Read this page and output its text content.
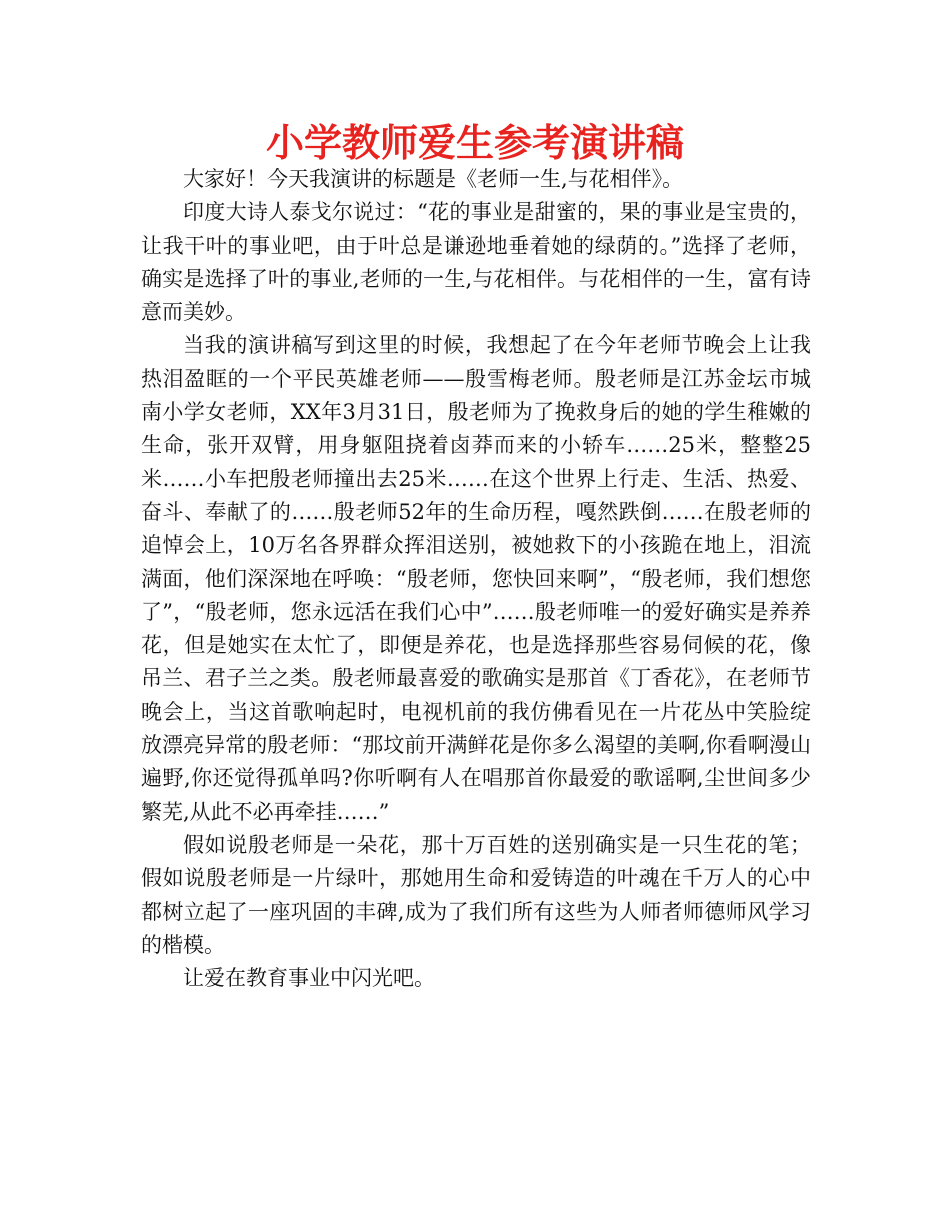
小学教师爱生参考演讲稿

大家好！今天我演讲的标题是《老师一生,与花相伴》。

印度大诗人泰戈尔说过：“花的事业是甜蜜的，果的事业是宝贵的，让我干叶的事业吧，由于叶总是谦逊地垂着她的绿荫的。”选择了老师，确实是选择了叶的事业,老师的一生,与花相伴。与花相伴的一生，富有诗意而美妙。

当我的演讲稿写到这里的时候，我想起了在今年老师节晚会上让我热泪盈眶的一个平民英雄老师——殷雪梅老师。殷老师是江苏金坛市城南小学女老师，XX年3月31日，殷老师为了挽救身后的她的学生稚嫩的生命，张开双臂，用身躯阻挠着卤莽而来的小轿车……25米，整整25米……小车把殷老师撞出去25米……在这个世界上行走、生活、热爱、奋斗、奉献了的……殷老师52年的生命历程，嘎然跌倒……在殷老师的追悼会上，10万名各界群众挥泪送别，被她救下的小孩跪在地上，泪流满面，他们深深地在呼唤：“殷老师，您快回来啊”，“殷老师，我们想您了”，“殷老师，您永远活在我们心中”……殷老师唯一的爱好确实是养养花，但是她实在太忙了，即便是养花，也是选择那些容易伺候的花，像吊兰、君子兰之类。殷老师最喜爱的歌确实是那首《丁香花》，在老师节晚会上，当这首歌响起时，电视机前的我仿佛看见在一片花丛中笑脸绽放漂亮异常的殷老师：“那坟前开满鲜花是你多么渴望的美啊,你看啊漫山遍野,你还觉得孤单吗?你听啊有人在唱那首你最爱的歌谣啊,尘世间多少繁芜,从此不必再牵挂……”

假如说殷老师是一朵花，那十万百姓的送别确实是一只生花的笔；假如说殷老师是一片绿叶，那她用生命和爱铸造的叶魂在千万人的心中都树立起了一座巩固的丰碑,成为了我们所有这些为人师者师德师风学习的楷模。

让爱在教育事业中闪光吧。
